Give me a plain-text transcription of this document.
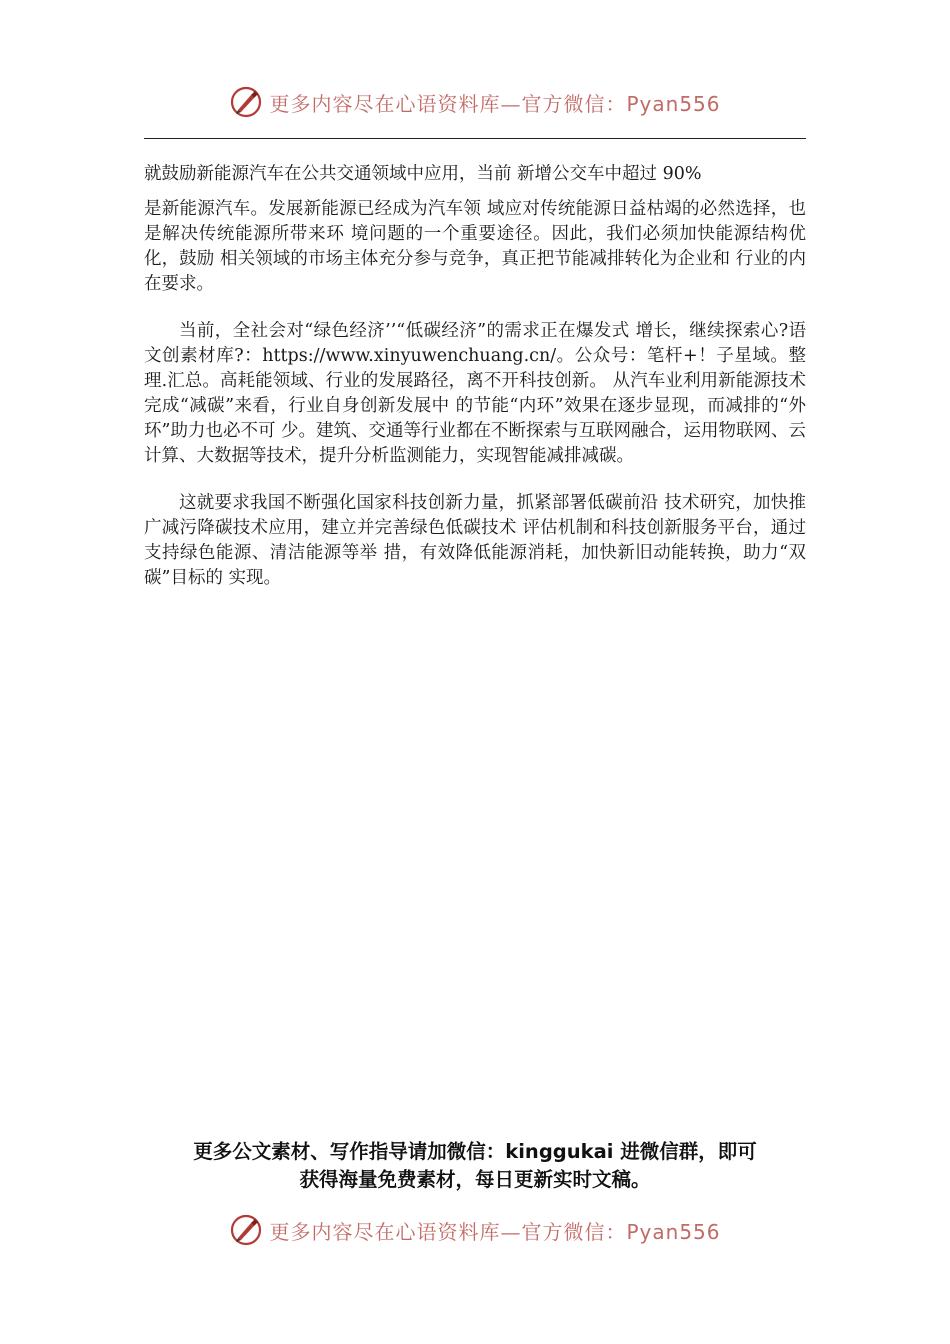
更多内容尽在心语资料库—官方微信：Pyan556

就鼓励新能源汽车在公共交通领域中应用，当前 新增公交车中超过 90%

是新能源汽车。发展新能源已经成为汽车领 域应对传统能源日益枯竭的必然选择，也是解决传统能源所带来环 境问题的一个重要途径。因此，我们必须加快能源结构优化，鼓励 相关领域的市场主体充分参与竞争，真正把节能减排转化为企业和 行业的内在要求。

当前，全社会对“绿色经济’’“低碳经济”的需求正在爆发式 增长，继续探索心?语文创素材库?：https://www.xinyuwenchuang.cn/。公众号：笔杆+！子星域。整理.汇总。高耗能领域、行业的发展路径，离不开科技创新。 从汽车业利用新能源技术完成“减碳”来看，行业自身创新发展中 的节能“内环”效果在逐步显现，而减排的“外环”助力也必不可 少。建筑、交通等行业都在不断探索与互联网融合，运用物联网、云计算、大数据等技术，提升分析监测能力，实现智能减排减碳。

这就要求我国不断强化国家科技创新力量，抓紧部署低碳前沿 技术研究，加快推广减污降碳技术应用，建立并完善绿色低碳技术 评估机制和科技创新服务平台，通过支持绿色能源、清洁能源等举 措，有效降低能源消耗，加快新旧动能转换，助力“双碳”目标的 实现。

更多公文素材、写作指导请加微信：kinggukai 进微信群，即可
获得海量免费素材，每日更新实时文稿。
更多内容尽在心语资料库—官方微信：Pyan556
